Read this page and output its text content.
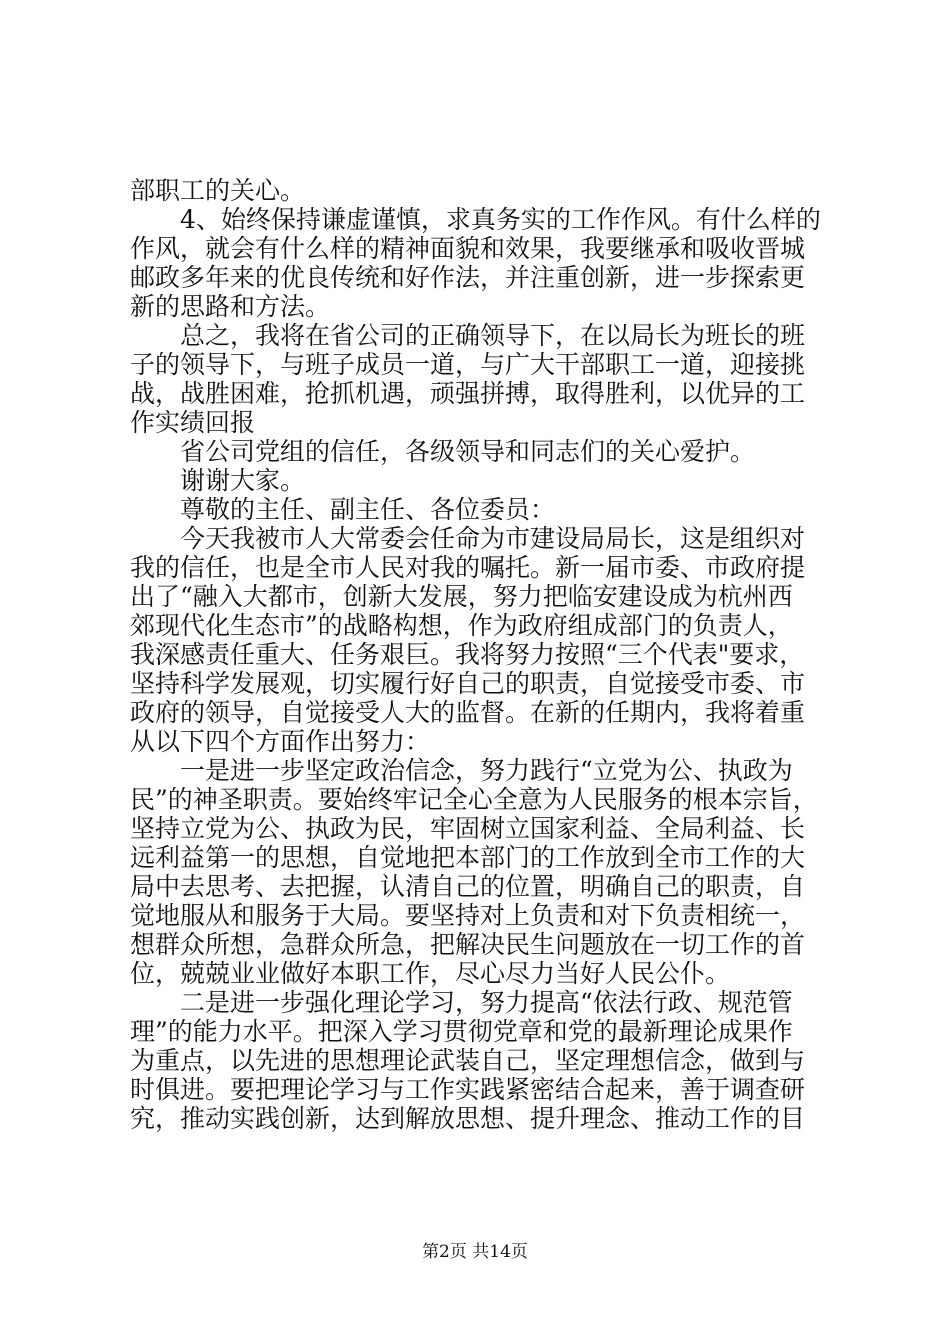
部职工的关心。
4、始终保持谦虚谨慎，求真务实的工作作风。有什么样的
作风，就会有什么样的精神面貌和效果，我要继承和吸收晋城
邮政多年来的优良传统和好作法，并注重创新，进一步探索更
新的思路和方法。
总之，我将在省公司的正确领导下，在以局长为班长的班
子的领导下，与班子成员一道，与广大干部职工一道，迎接挑
战，战胜困难，抢抓机遇，顽强拼搏，取得胜利，以优异的工
作实绩回报
省公司党组的信任，各级领导和同志们的关心爱护。
谢谢大家。
尊敬的主任、副主任、各位委员：
今天我被市人大常委会任命为市建设局局长，这是组织对
我的信任，也是全市人民对我的嘱托。新一届市委、市政府提
出了“融入大都市，创新大发展，努力把临安建设成为杭州西
郊现代化生态市”的战略构想，作为政府组成部门的负责人，
我深感责任重大、任务艰巨。我将努力按照“三个代表"要求，
坚持科学发展观，切实履行好自己的职责，自觉接受市委、市
政府的领导，自觉接受人大的监督。在新的任期内，我将着重
从以下四个方面作出努力：
一是进一步坚定政治信念，努力践行“立党为公、执政为
民”的神圣职责。要始终牢记全心全意为人民服务的根本宗旨，
坚持立党为公、执政为民，牢固树立国家利益、全局利益、长
远利益第一的思想，自觉地把本部门的工作放到全市工作的大
局中去思考、去把握，认清自己的位置，明确自己的职责，自
觉地服从和服务于大局。要坚持对上负责和对下负责相统一，
想群众所想，急群众所急，把解决民生问题放在一切工作的首
位，兢兢业业做好本职工作，尽心尽力当好人民公仆。
二是进一步强化理论学习，努力提高“依法行政、规范管
理”的能力水平。把深入学习贯彻党章和党的最新理论成果作
为重点，以先进的思想理论武装自己，坚定理想信念，做到与
时俱进。要把理论学习与工作实践紧密结合起来，善于调查研
究，推动实践创新，达到解放思想、提升理念、推动工作的目
第2页 共14页
